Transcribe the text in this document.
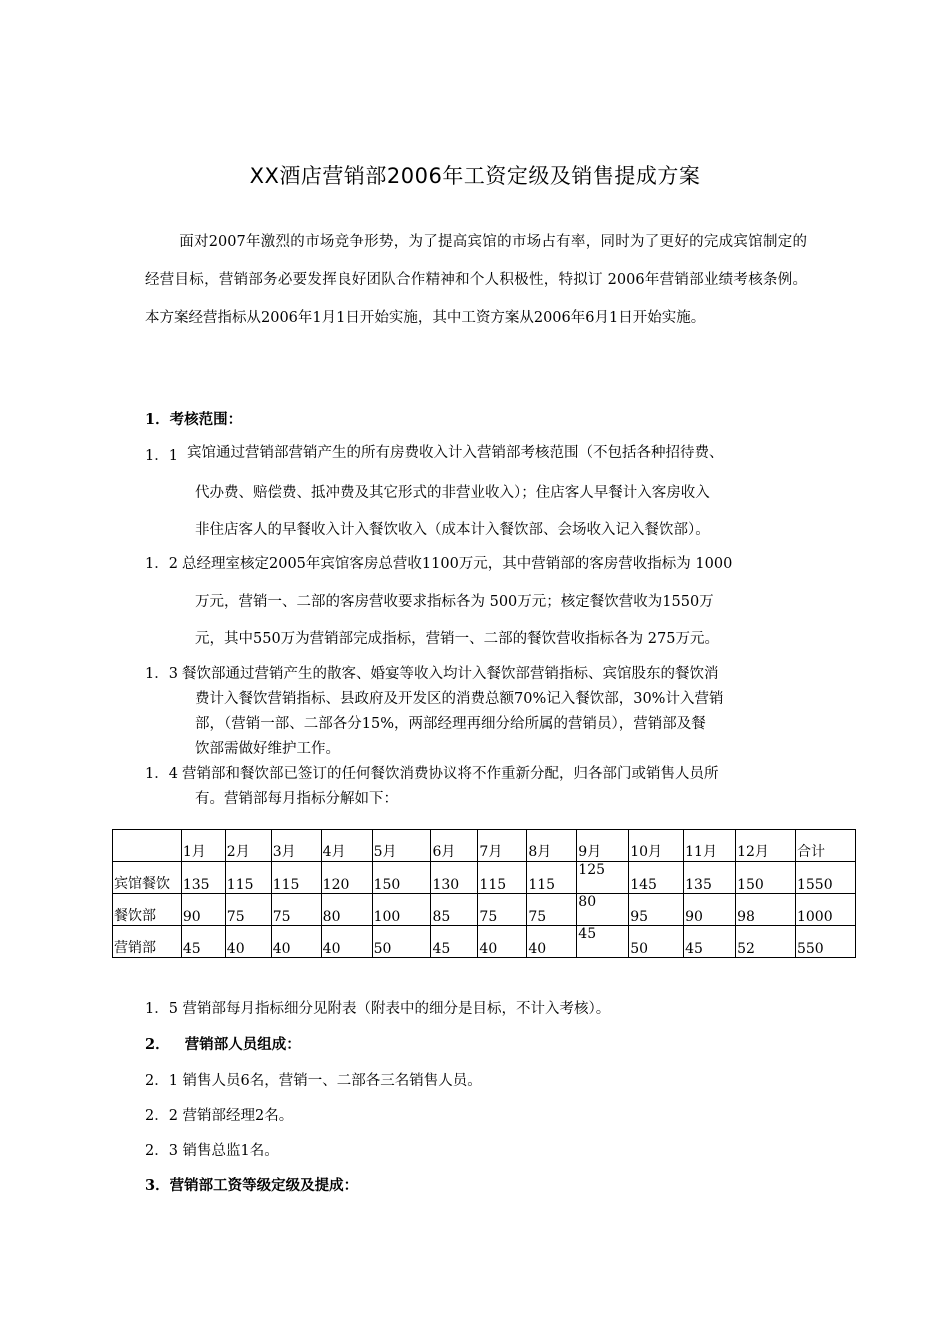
XX酒店营销部2006年工资定级及销售提成方案
面对2007年激烈的市场竞争形势，为了提高宾馆的市场占有率，同时为了更好的完成宾馆制定的经营目标，营销部务必要发挥良好团队合作精神和个人积极性，特拟订 2006年营销部业绩考核条例。本方案经营指标从2006年1月1日开始实施，其中工资方案从2006年6月1日开始实施。
1．考核范围：
1．1 宾馆通过营销部营销产生的所有房费收入计入营销部考核范围（不包括各种招待费、

代办费、赔偿费、抵冲费及其它形式的非营业收入）；住店客人早餐计入客房收入
非住店客人的早餐收入计入餐饮收入（成本计入餐饮部、会场收入记入餐饮部）。
1．2 总经理室核定2005年宾馆客房总营收1100万元，其中营销部的客房营收指标为 1000
万元，营销一、二部的客房营收要求指标各为 500万元；核定餐饮营收为1550万
元，其中550万为营销部完成指标，营销一、二部的餐饮营收指标各为 275万元。
1．3 餐饮部通过营销产生的散客、婚宴等收入均计入餐饮部营销指标、宾馆股东的餐饮消
费计入餐饮营销指标、县政府及开发区的消费总额70%记入餐饮部，30%计入营销
部，（营销一部、二部各分15%，两部经理再细分给所属的营销员），营销部及餐
饮部需做好维护工作。
1．4 营销部和餐饮部已签订的任何餐饮消费协议将不作重新分配，归各部门或销售人员所
有。营销部每月指标分解如下：
	1月	2月	3月	4月	5月	6月	7月	8月	9月	10月	11月	12月	合计
宾馆餐饮	135	115	115	120	150	130	115	115	125	145	135	150	1550
餐饮部	90	75	75	80	100	85	75	75	80	95	90	98	1000
营销部	45	40	40	40	50	45	40	40	45	50	45	52	550
1．5 营销部每月指标细分见附表（附表中的细分是目标，不计入考核）。
2．   营销部人员组成：
2．1 销售人员6名，营销一、二部各三名销售人员。
2．2 营销部经理2名。
2．3 销售总监1名。
3．营销部工资等级定级及提成：
